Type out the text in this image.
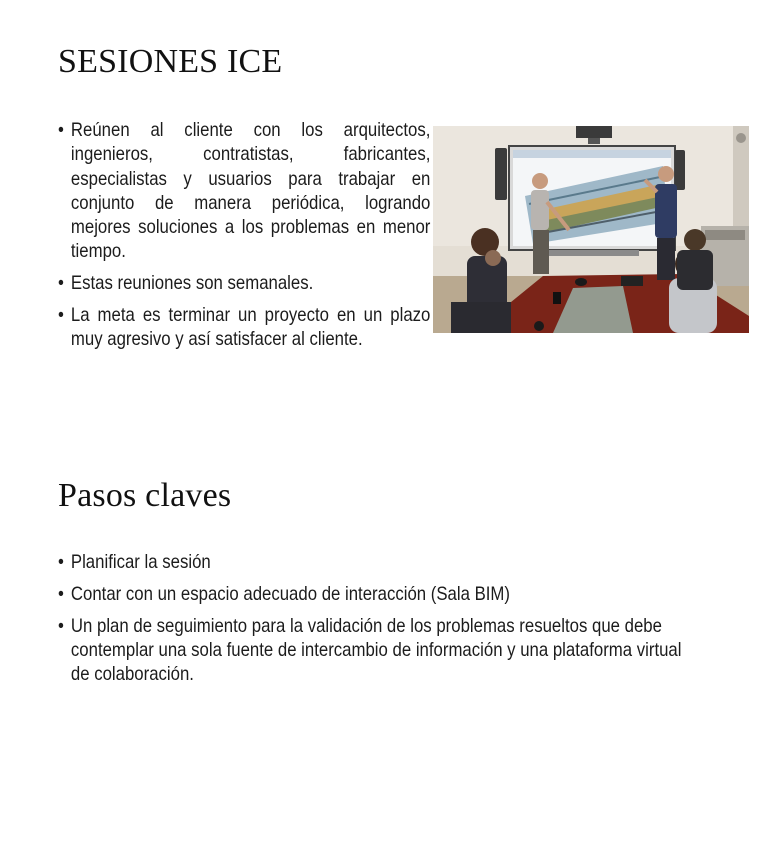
SESIONES ICE
• Reúnen al cliente con los arquitectos, ingenieros, contratistas, fabricantes, especialistas y usuarios para trabajar en conjunto de manera periódica, logrando mejores soluciones a los problemas en menor tiempo.
• Estas reuniones son semanales.
• La meta es terminar un proyecto en un plazo muy agresivo y así satisfacer al cliente.
Pasos claves
• Planificar la sesión
• Contar con un espacio adecuado de interacción (Sala BIM)
• Un plan de seguimiento para la validación de los problemas resueltos que debe contemplar una sola fuente de intercambio de información y una plataforma virtual de colaboración.
